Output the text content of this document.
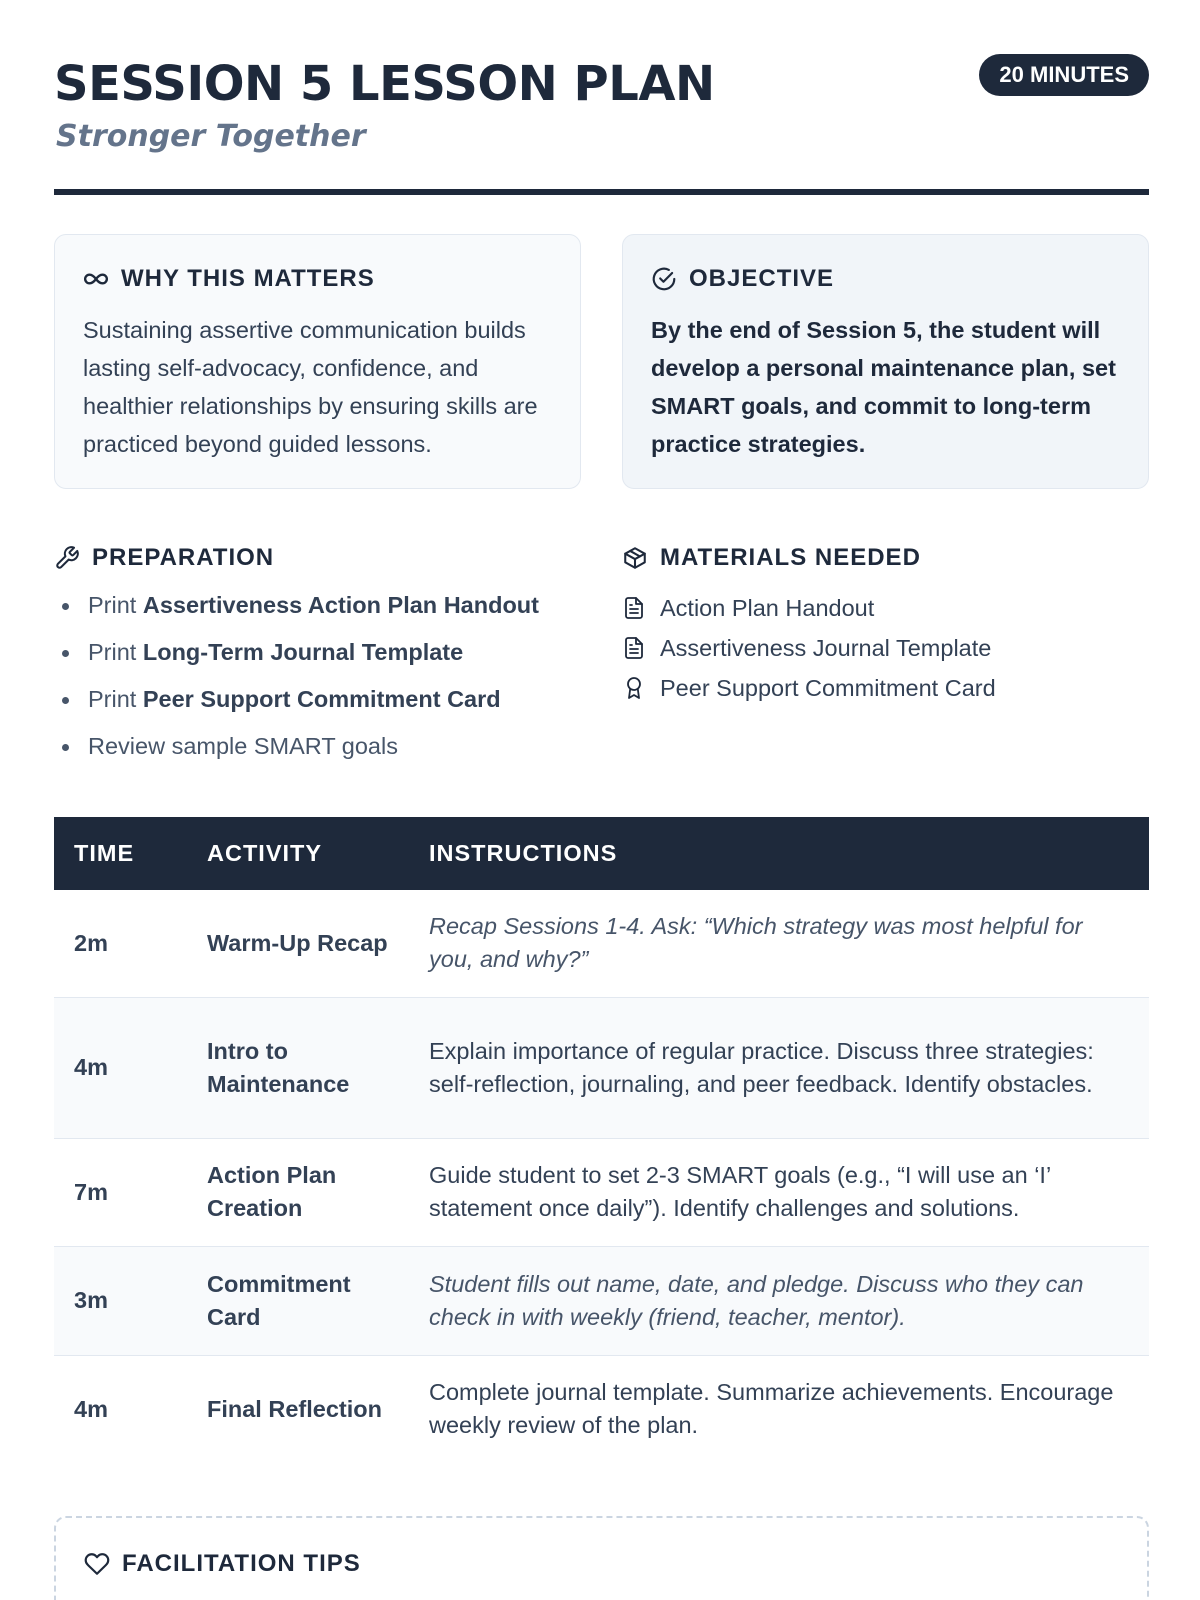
SESSION 5 LESSON PLAN
Stronger Together
20 MINUTES
WHY THIS MATTERS

Sustaining assertive communication builds lasting self-advocacy, confidence, and healthier relationships by ensuring skills are practiced beyond guided lessons.

OBJECTIVE

By the end of Session 5, the student will develop a personal maintenance plan, set SMART goals, and commit to long-term practice strategies.

PREPARATION
Print Assertiveness Action Plan Handout
Print Long-Term Journal Template
Print Peer Support Commitment Card
Review sample SMART goals
MATERIALS NEEDED
Action Plan Handout
Assertiveness Journal Template
Peer Support Commitment Card
TIME	ACTIVITY	INSTRUCTIONS
2m	Warm-Up Recap	Recap Sessions 1-4. Ask: “Which strategy was most helpful for you, and why?”
4m	Intro to Maintenance	Explain importance of regular practice. Discuss three strategies: self-reflection, journaling, and peer feedback. Identify obstacles.
7m	Action Plan Creation	Guide student to set 2-3 SMART goals (e.g., “I will use an ‘I’ statement once daily”). Identify challenges and solutions.
3m	Commitment Card	Student fills out name, date, and pledge. Discuss who they can check in with weekly (friend, teacher, mentor).
4m	Final Reflection	Complete journal template. Summarize achievements. Encourage weekly review of the plan.
FACILITATION TIPS
